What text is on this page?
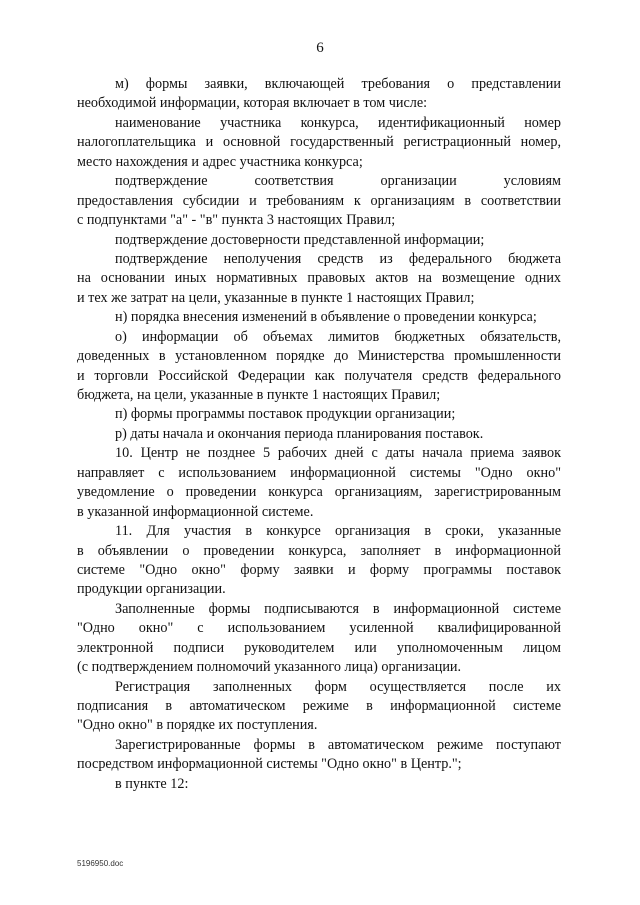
6
м) формы заявки, включающей требования о представлении
необходимой информации, которая включает в том числе:
наименование участника конкурса, идентификационный номер
налогоплательщика и основной государственный регистрационный номер,
место нахождения и адрес участника конкурса;
подтверждение соответствия организации условиям
предоставления субсидии и требованиям к организациям в соответствии
с подпунктами "а" - "в" пункта 3 настоящих Правил;
подтверждение достоверности представленной информации;
подтверждение неполучения средств из федерального бюджета
на основании иных нормативных правовых актов на возмещение одних
и тех же затрат на цели, указанные в пункте 1 настоящих Правил;
н) порядка внесения изменений в объявление о проведении конкурса;
о) информации об объемах лимитов бюджетных обязательств,
доведенных в установленном порядке до Министерства промышленности
и торговли Российской Федерации как получателя средств федерального
бюджета, на цели, указанные в пункте 1 настоящих Правил;
п) формы программы поставок продукции организации;
р) даты начала и окончания периода планирования поставок.
10. Центр не позднее 5 рабочих дней с даты начала приема заявок
направляет с использованием информационной системы "Одно окно"
уведомление о проведении конкурса организациям, зарегистрированным
в указанной информационной системе.
11. Для участия в конкурсе организация в сроки, указанные
в объявлении о проведении конкурса, заполняет в информационной
системе "Одно окно" форму заявки и форму программы поставок
продукции организации.
Заполненные формы подписываются в информационной системе
"Одно окно" с использованием усиленной квалифицированной
электронной подписи руководителем или уполномоченным лицом
(с подтверждением полномочий указанного лица) организации.
Регистрация заполненных форм осуществляется после их
подписания в автоматическом режиме в информационной системе
"Одно окно" в порядке их поступления.
Зарегистрированные формы в автоматическом режиме поступают
посредством информационной системы "Одно окно" в Центр.";
в пункте 12:
5196950.doc
